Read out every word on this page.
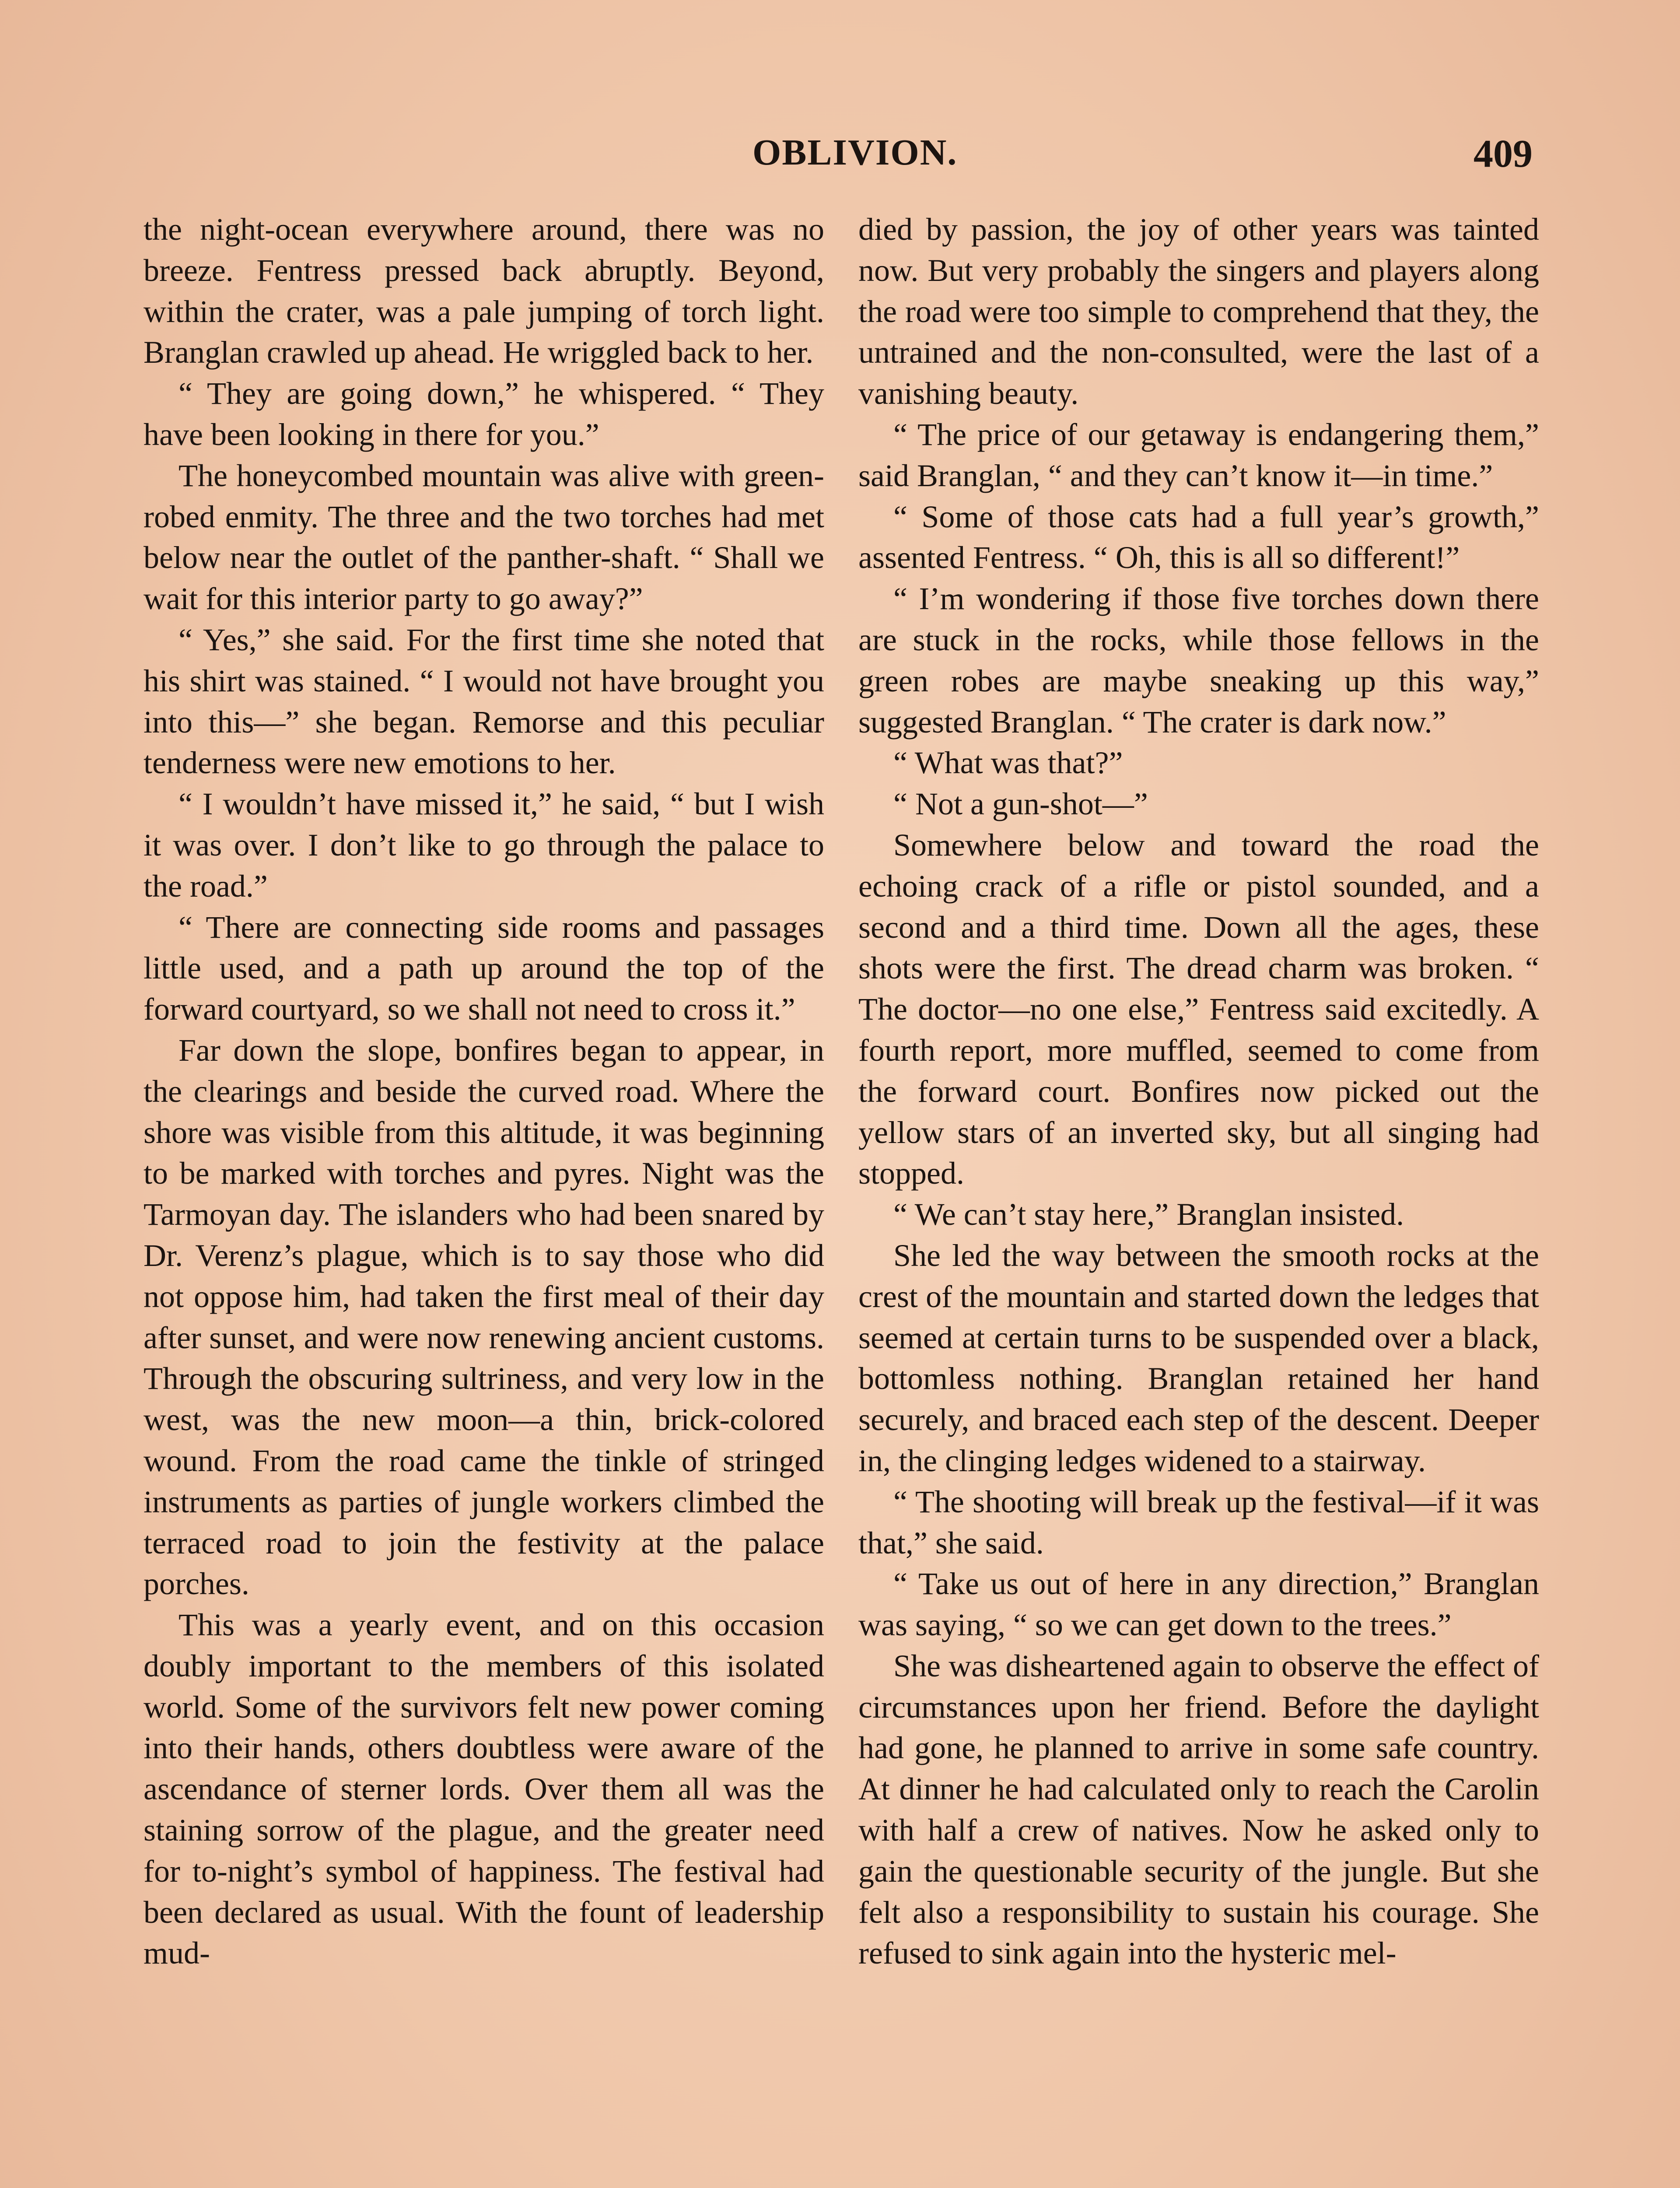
OBLIVION.	409

the night-ocean everywhere around, there was no breeze. Fentress pressed back abruptly. Beyond, within the crater, was a pale jumping of torch light. Branglan crawled up ahead. He wriggled back to her.

“ They are going down,” he whispered. “ They have been looking in there for you.”

The honeycombed mountain was alive with green-robed enmity. The three and the two torches had met below near the outlet of the panther-shaft. “ Shall we wait for this interior party to go away?”

“ Yes,” she said. For the first time she noted that his shirt was stained. “ I would not have brought you into this—” she began. Remorse and this peculiar tenderness were new emotions to her.

“ I wouldn’t have missed it,” he said, “ but I wish it was over. I don’t like to go through the palace to the road.”

“ There are connecting side rooms and passages little used, and a path up around the top of the forward courtyard, so we shall not need to cross it.”

Far down the slope, bonfires began to appear, in the clearings and beside the curved road. Where the shore was visible from this altitude, it was beginning to be marked with torches and pyres. Night was the Tarmoyan day. The islanders who had been snared by Dr. Verenz’s plague, which is to say those who did not oppose him, had taken the first meal of their day after sunset, and were now renewing ancient customs. Through the obscuring sultriness, and very low in the west, was the new moon—a thin, brick-colored wound. From the road came the tinkle of stringed instruments as parties of jungle workers climbed the terraced road to join the festivity at the palace porches.

This was a yearly event, and on this occasion doubly important to the members of this isolated world. Some of the survivors felt new power coming into their hands, others doubtless were aware of the ascendance of sterner lords. Over them all was the staining sorrow of the plague, and the greater need for to-night’s symbol of happiness. The festival had been declared as usual. With the fount of leadership mud-

died by passion, the joy of other years was tainted now. But very probably the singers and players along the road were too simple to comprehend that they, the untrained and the non-consulted, were the last of a vanishing beauty.

“ The price of our getaway is endangering them,” said Branglan, “ and they can’t know it—in time.”

“ Some of those cats had a full year’s growth,” assented Fentress. “ Oh, this is all so different!”

“ I’m wondering if those five torches down there are stuck in the rocks, while those fellows in the green robes are maybe sneaking up this way,” suggested Branglan. “ The crater is dark now.”

“ What was that?”

“ Not a gun-shot—”

Somewhere below and toward the road the echoing crack of a rifle or pistol sounded, and a second and a third time. Down all the ages, these shots were the first. The dread charm was broken. “ The doctor—no one else,” Fentress said excitedly. A fourth report, more muffled, seemed to come from the forward court. Bonfires now picked out the yellow stars of an inverted sky, but all singing had stopped.

“ We can’t stay here,” Branglan insisted.

She led the way between the smooth rocks at the crest of the mountain and started down the ledges that seemed at certain turns to be suspended over a black, bottomless nothing. Branglan retained her hand securely, and braced each step of the descent. Deeper in, the clinging ledges widened to a stairway.

“ The shooting will break up the festival—if it was that,” she said.

“ Take us out of here in any direction,” Branglan was saying, “ so we can get down to the trees.”

She was disheartened again to observe the effect of circumstances upon her friend. Before the daylight had gone, he planned to arrive in some safe country. At dinner he had calculated only to reach the Carolin with half a crew of natives. Now he asked only to gain the questionable security of the jungle. But she felt also a responsibility to sustain his courage. She refused to sink again into the hysteric mel-
